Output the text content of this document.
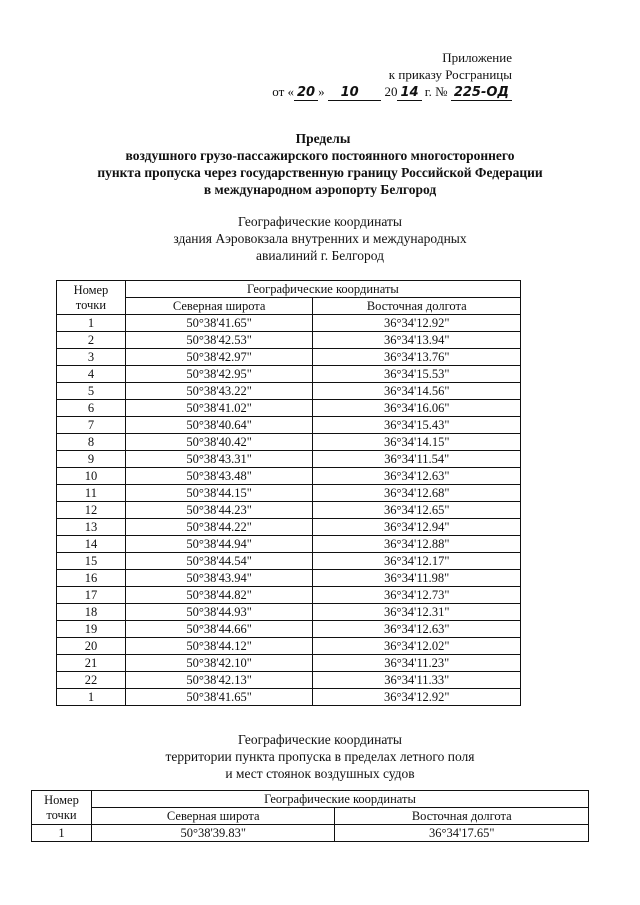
Приложение
к приказу Росграницы
от « 20 » 10 20 14 г. № 225-ОД
Пределы
воздушного грузо-пассажирского постоянного многостороннего
пункта пропуска через государственную границу Российской Федерации
в международном аэропорту Белгород
Географические координаты
здания Аэровокзала внутренних и международных
авиалиний г. Белгород
Номер
точки	Географические координаты	
	Северная широта	Восточная долгота
1	50°38'41.65"	36°34'12.92"
2	50°38'42.53"	36°34'13.94"
3	50°38'42.97"	36°34'13.76"
4	50°38'42.95"	36°34'15.53"
5	50°38'43.22"	36°34'14.56"
6	50°38'41.02"	36°34'16.06"
7	50°38'40.64"	36°34'15.43"
8	50°38'40.42"	36°34'14.15"
9	50°38'43.31"	36°34'11.54"
10	50°38'43.48"	36°34'12.63"
11	50°38'44.15"	36°34'12.68"
12	50°38'44.23"	36°34'12.65"
13	50°38'44.22"	36°34'12.94"
14	50°38'44.94"	36°34'12.88"
15	50°38'44.54"	36°34'12.17"
16	50°38'43.94"	36°34'11.98"
17	50°38'44.82"	36°34'12.73"
18	50°38'44.93"	36°34'12.31"
19	50°38'44.66"	36°34'12.63"
20	50°38'44.12"	36°34'12.02"
21	50°38'42.10"	36°34'11.23"
22	50°38'42.13"	36°34'11.33"
1	50°38'41.65"	36°34'12.92"
Географические координаты
территории пункта пропуска в пределах летного поля
и мест стоянок воздушных судов
Номер
точки	Географические координаты	
	Северная широта	Восточная долгота
1	50°38'39.83"	36°34'17.65"
